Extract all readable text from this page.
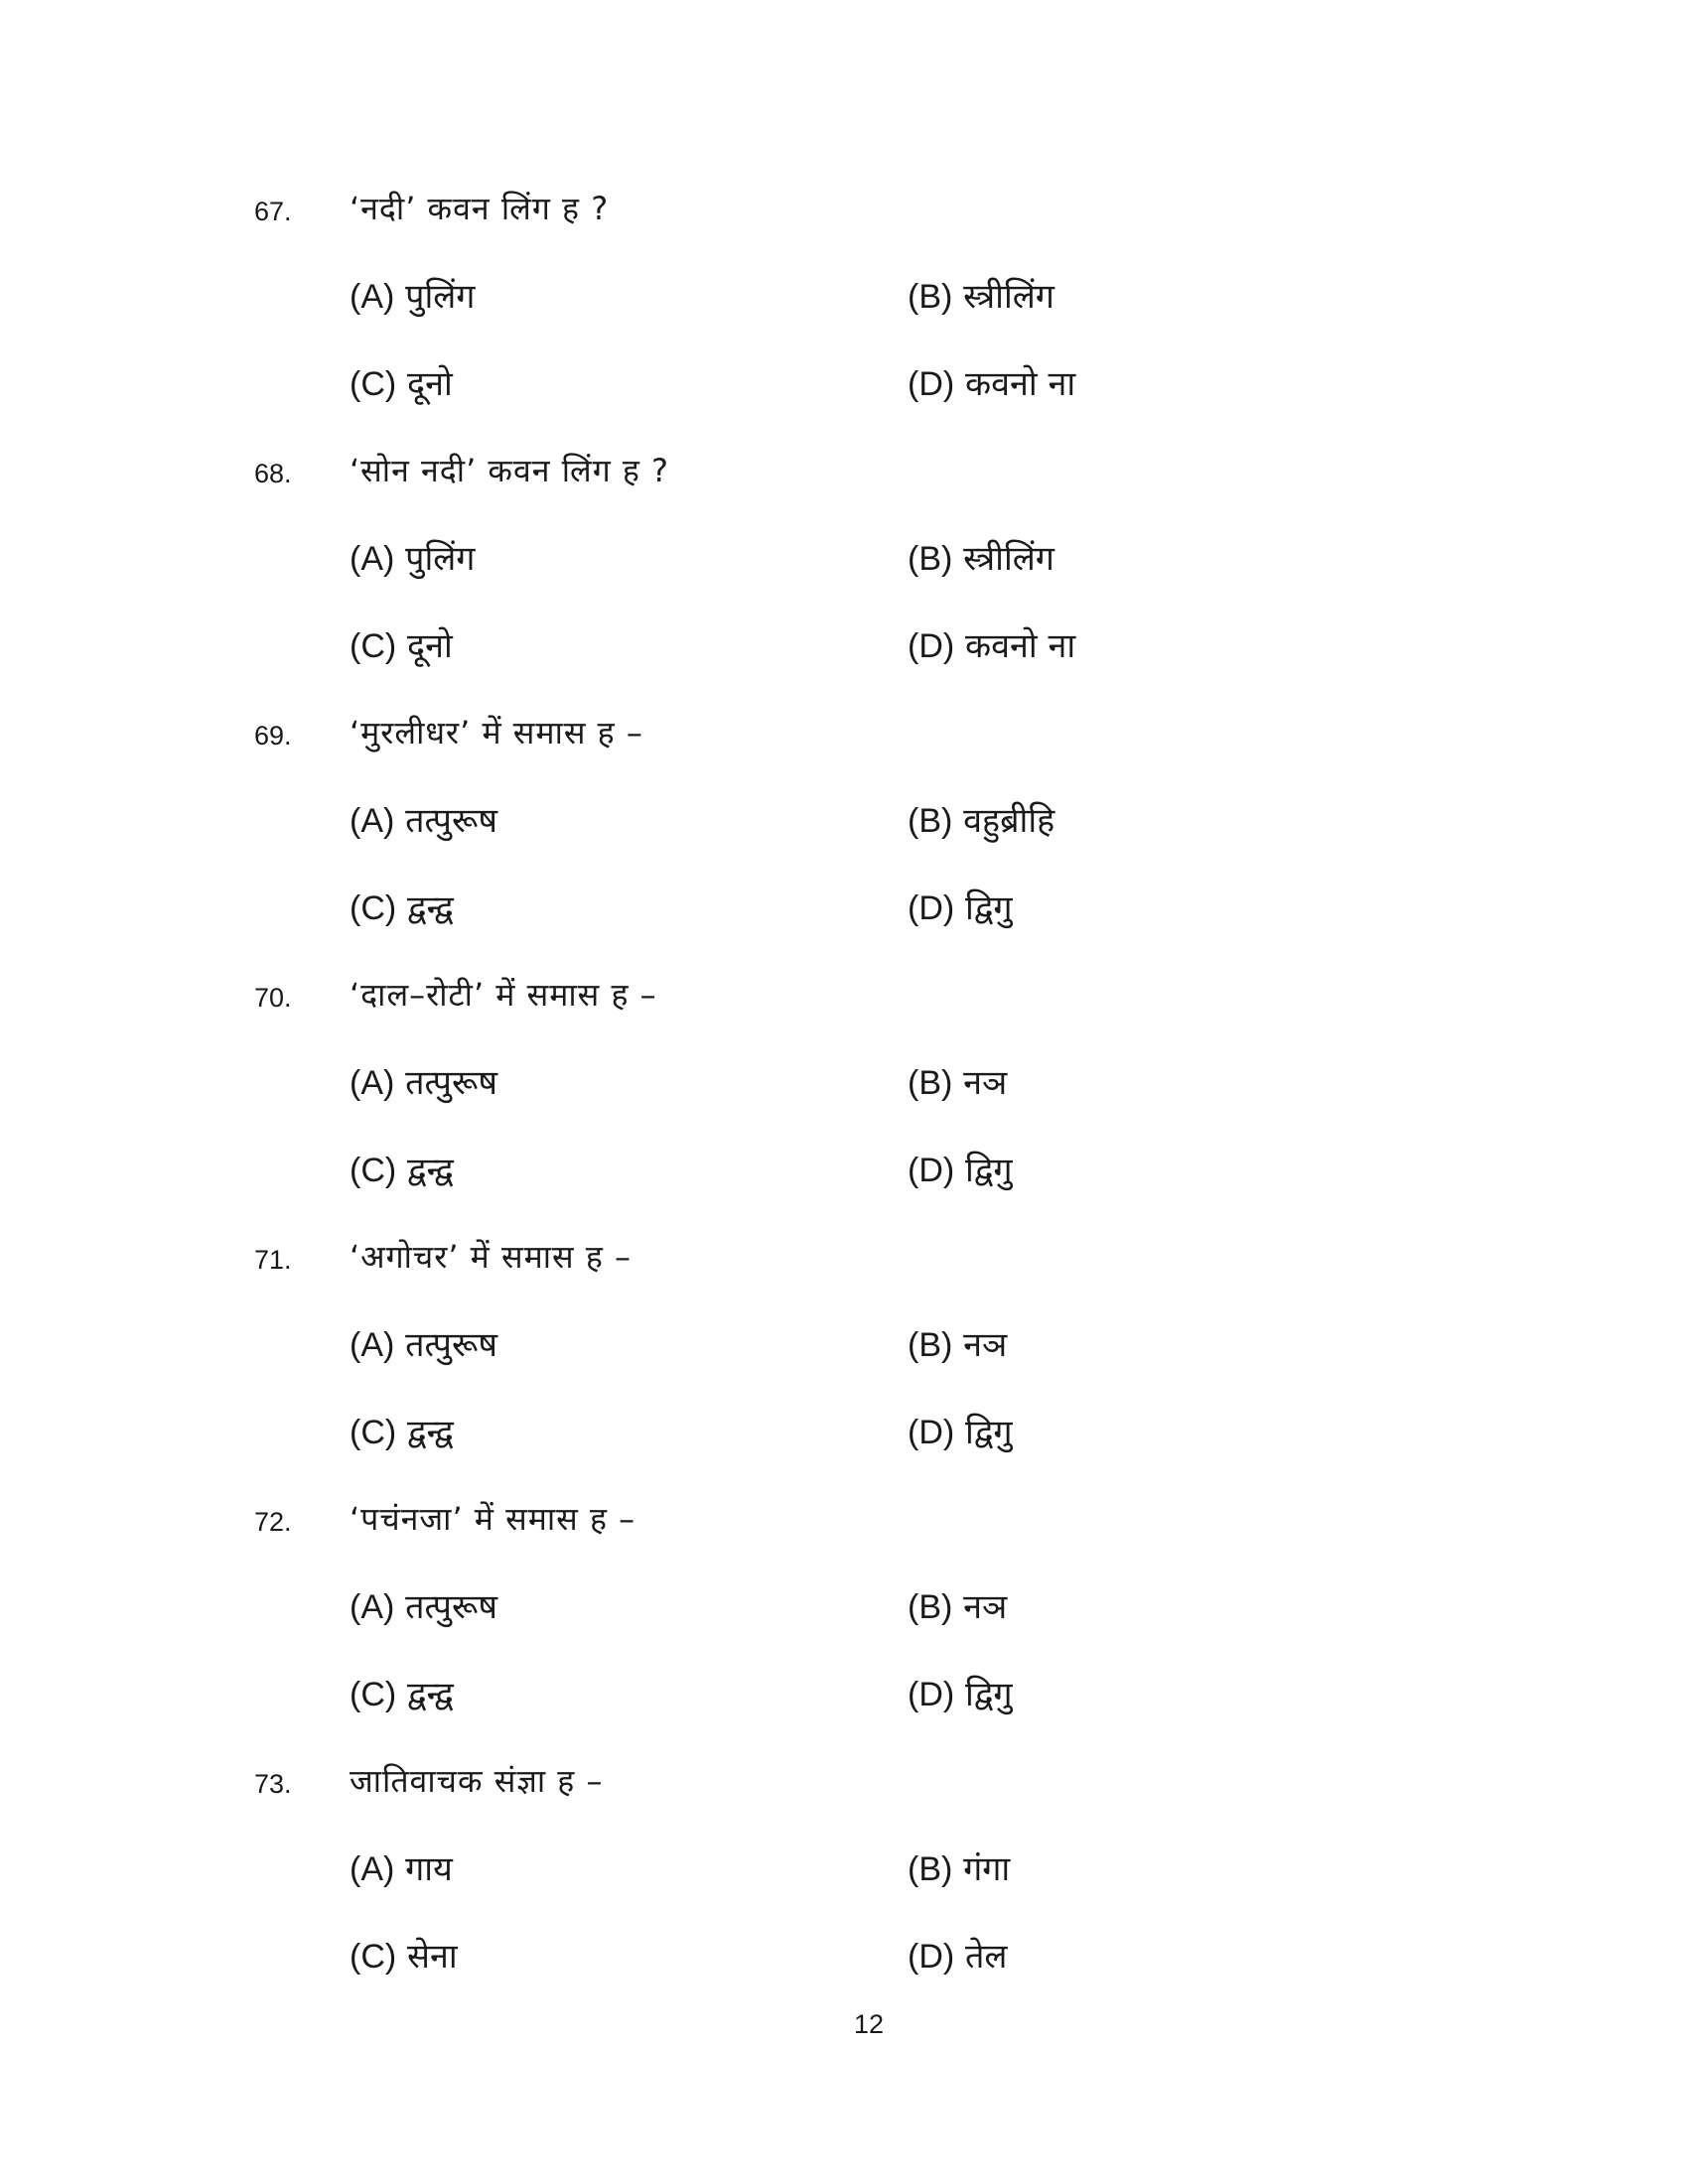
67. ‘नदी’ कवन लिंग ह ?
(A) पुलिंग	(B) स्त्रीलिंग
(C) दूनो	(D) कवनो ना
68. ‘सोन नदी’ कवन लिंग ह ?
(A) पुलिंग	(B) स्त्रीलिंग
(C) दूनो	(D) कवनो ना
69. ‘मुरलीधर’ में समास ह –
(A) तत्पुरूष	(B) वहुब्रीहि
(C) द्वन्द्व	(D) द्विगु
70. ‘दाल–रोटी’ में समास ह –
(A) तत्पुरूष	(B) नञ
(C) द्वन्द्व	(D) द्विगु
71. ‘अगोचर’ में समास ह –
(A) तत्पुरूष	(B) नञ
(C) द्वन्द्व	(D) द्विगु
72. ‘पचंनजा’ में समास ह –
(A) तत्पुरूष	(B) नञ
(C) द्वन्द्व	(D) द्विगु
73. जातिवाचक संज्ञा ह –
(A) गाय	(B) गंगा
(C) सेना	(D) तेल
12
